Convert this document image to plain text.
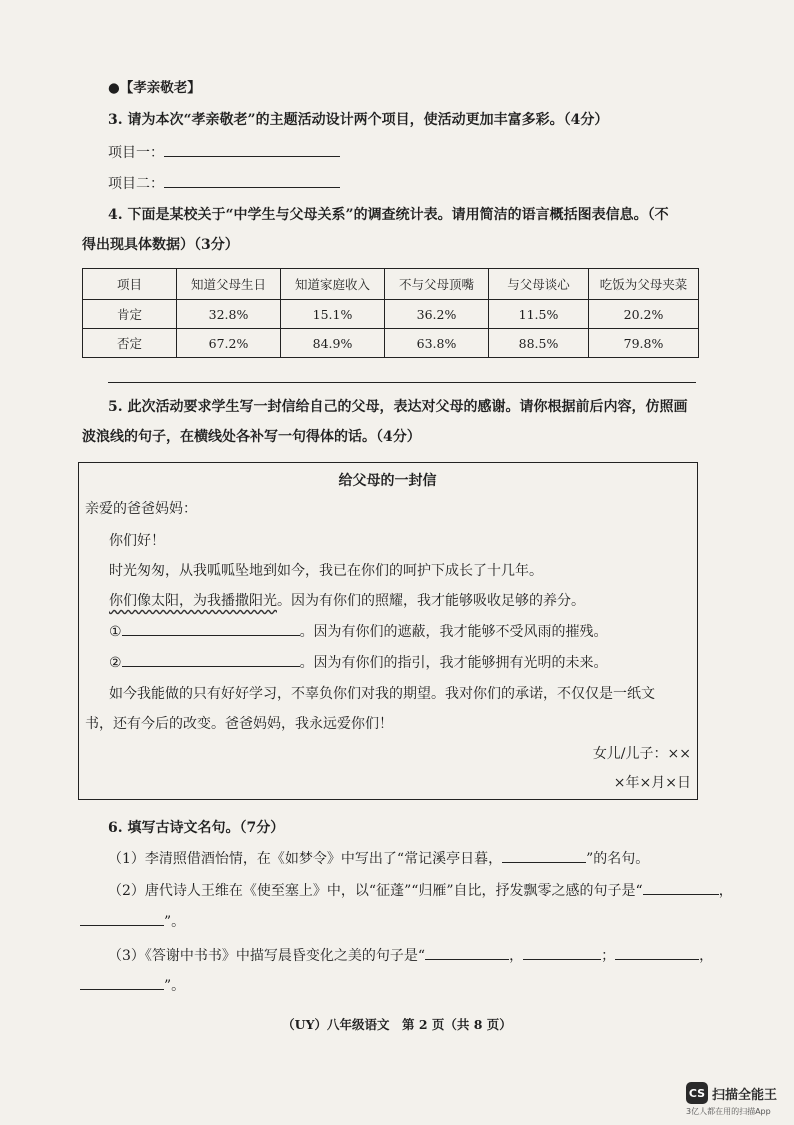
●【孝亲敬老】
3. 请为本次“孝亲敬老”的主题活动设计两个项目，使活动更加丰富多彩。（4分）
项目一：
项目二：
4. 下面是某校关于“中学生与父母关系”的调查统计表。请用简洁的语言概括图表信息。（不
得出现具体数据）（3分）
项目	知道父母生日	知道家庭收入	不与父母顶嘴	与父母谈心	吃饭为父母夹菜
肯定	32.8%	15.1%	36.2%	11.5%	20.2%
否定	67.2%	84.9%	63.8%	88.5%	79.8%
5. 此次活动要求学生写一封信给自己的父母，表达对父母的感谢。请你根据前后内容，仿照画
波浪线的句子，在横线处各补写一句得体的话。（4分）
给父母的一封信
亲爱的爸爸妈妈：
你们好！
时光匆匆，从我呱呱坠地到如今，我已在你们的呵护下成长了十几年。
你们像太阳，为我播撒阳光。因为有你们的照耀，我才能够吸收足够的养分。
①	。因为有你们的遮蔽，我才能够不受风雨的摧残。
②	。因为有你们的指引，我才能够拥有光明的未来。
如今我能做的只有好好学习，不辜负你们对我的期望。我对你们的承诺，不仅仅是一纸文
书，还有今后的改变。爸爸妈妈，我永远爱你们！
女儿/儿子：××
×年×月×日
6. 填写古诗文名句。（7分）
（1）李清照借酒怡情，在《如梦令》中写出了“常记溪亭日暮，	”的名句。
（2）唐代诗人王维在《使至塞上》中，以“征蓬”“归雁”自比，抒发飘零之感的句子是“	，
”。
（3）《答谢中书书》中描写晨昏变化之美的句子是“	，	；	，
”。
（UY）八年级语文　第 2 页（共 8 页）
CS 扫描全能王
3亿人都在用的扫描App
